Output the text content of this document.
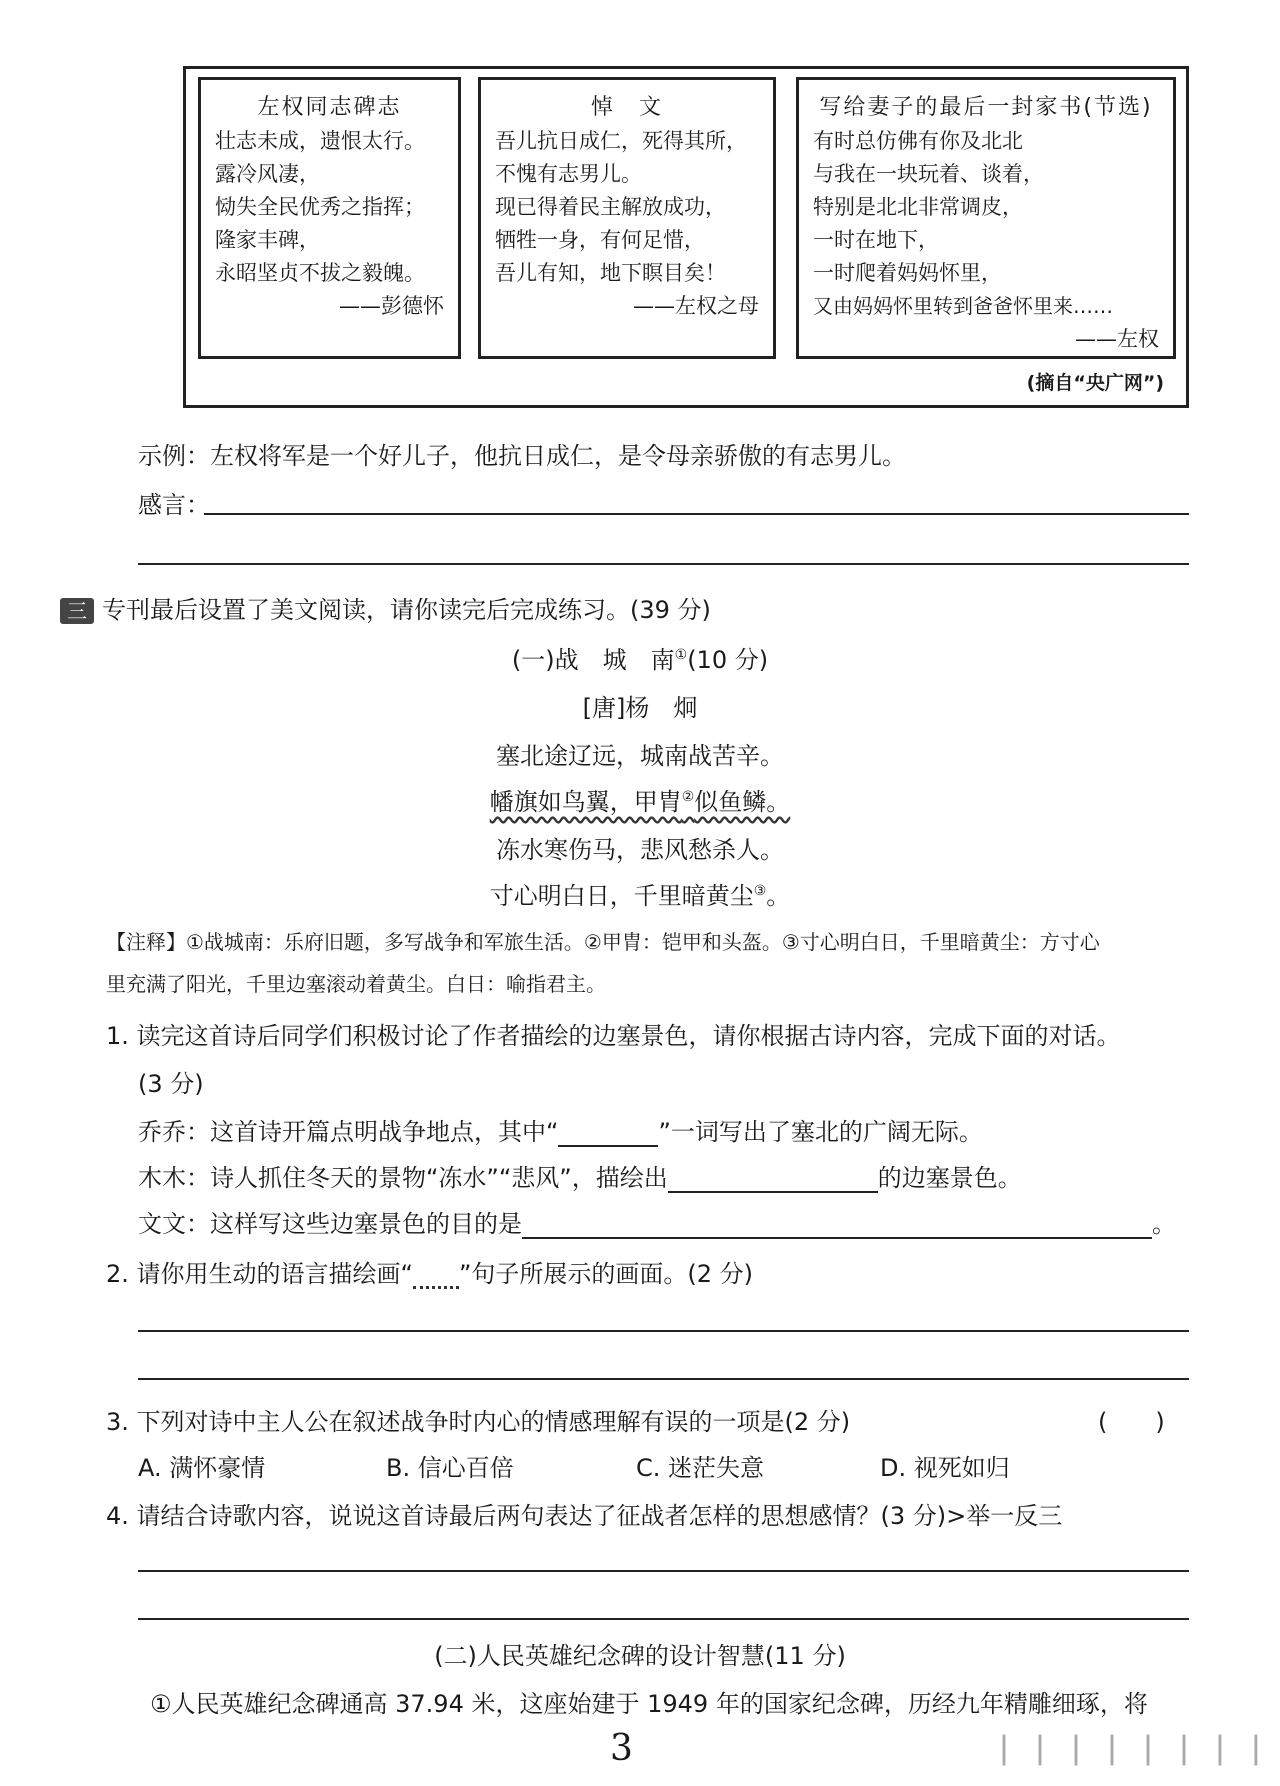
左权同志碑志
壮志未成，遗恨太行。
露冷风凄，
恸失全民优秀之指挥；
隆家丰碑，
永昭坚贞不拔之毅魄。
——彭德怀
悼　文
吾儿抗日成仁，死得其所，
不愧有志男儿。
现已得着民主解放成功，
牺牲一身，有何足惜，
吾儿有知，地下瞑目矣！
——左权之母
写给妻子的最后一封家书(节选)
有时总仿佛有你及北北
与我在一块玩着、谈着，
特别是北北非常调皮，
一时在地下，
一时爬着妈妈怀里，
又由妈妈怀里转到爸爸怀里来……
——左权
(摘自“央广网”)
示例：左权将军是一个好儿子，他抗日成仁，是令母亲骄傲的有志男儿。
感言：
三 专刊最后设置了美文阅读，请你读完后完成练习。(39 分)
(一)战　城　南①(10 分)
[唐]杨　炯
塞北途辽远，城南战苦辛。
幡旗如鸟翼，甲胄②似鱼鳞。
冻水寒伤马，悲风愁杀人。
寸心明白日，千里暗黄尘③。
【注释】①战城南：乐府旧题，多写战争和军旅生活。②甲胄：铠甲和头盔。③寸心明白日，千里暗黄尘：方寸心
里充满了阳光，千里边塞滚动着黄尘。白日：喻指君主。
1. 读完这首诗后同学们积极讨论了作者描绘的边塞景色，请你根据古诗内容，完成下面的对话。
(3 分)
乔乔：这首诗开篇点明战争地点，其中“	”一词写出了塞北的广阔无际。
木木：诗人抓住冬天的景物“冻水”“悲风”，描绘出	的边塞景色。
文文：这样写这些边塞景色的目的是	。
2. 请你用生动的语言描绘画“ ”句子所展示的画面。(2 分)
3. 下列对诗中主人公在叙述战争时内心的情感理解有误的一项是(2 分)	(　　)
A. 满怀豪情	B. 信心百倍	C. 迷茫失意	D. 视死如归
4. 请结合诗歌内容，说说这首诗最后两句表达了征战者怎样的思想感情？(3 分)>举一反三
(二)人民英雄纪念碑的设计智慧(11 分)
①人民英雄纪念碑通高 37.94 米，这座始建于 1949 年的国家纪念碑，历经九年精雕细琢，将
3	▕▏▕▏▕▏▕▏▕▏▕▏▕▏▕▏
